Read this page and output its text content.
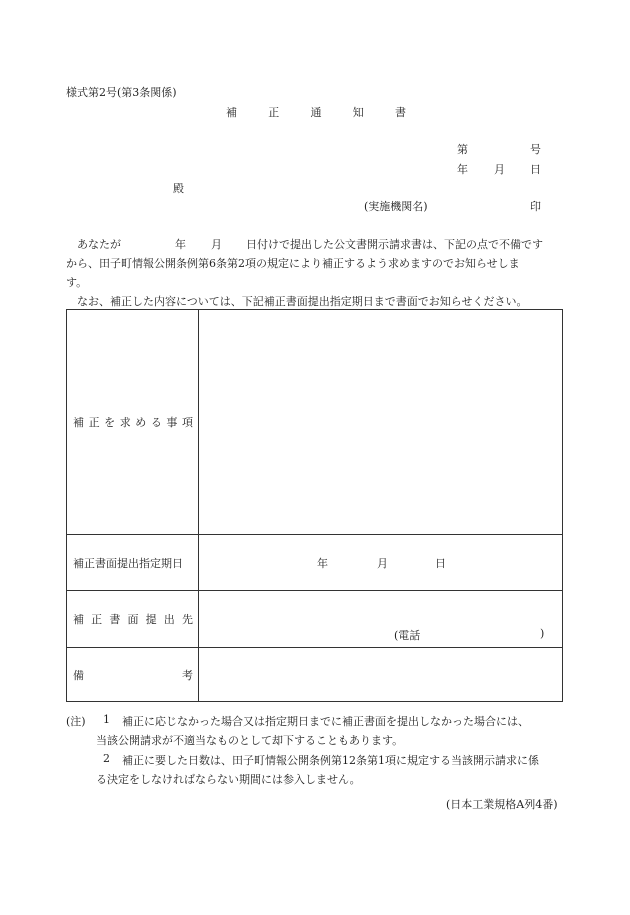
様式第2号(第3条関係)
補	正	通	知	書
第	号
年 月 日
殿
(実施機関名)	印
あなたが	年 月 日付けで提出した公文書開示請求書は、下記の点で不備です
から、田子町情報公開条例第6条第2項の規定により補正するよう求めますのでお知らせしま
す。
なお、補正した内容については、下記補正書面提出指定期日まで書面でお知らせください。
補 正 を 求 め る 事 項
補正書面提出指定期日	年	月	日
補 正 書 面 提 出 先
(電話	)
備	考
(注) 1 補正に応じなかった場合又は指定期日までに補正書面を提出しなかった場合には、
当該公開請求が不適当なものとして却下することもあります。
2 補正に要した日数は、田子町情報公開条例第12条第1項に規定する当該開示請求に係
る決定をしなければならない期間には参入しません。
(日本工業規格A列4番)
